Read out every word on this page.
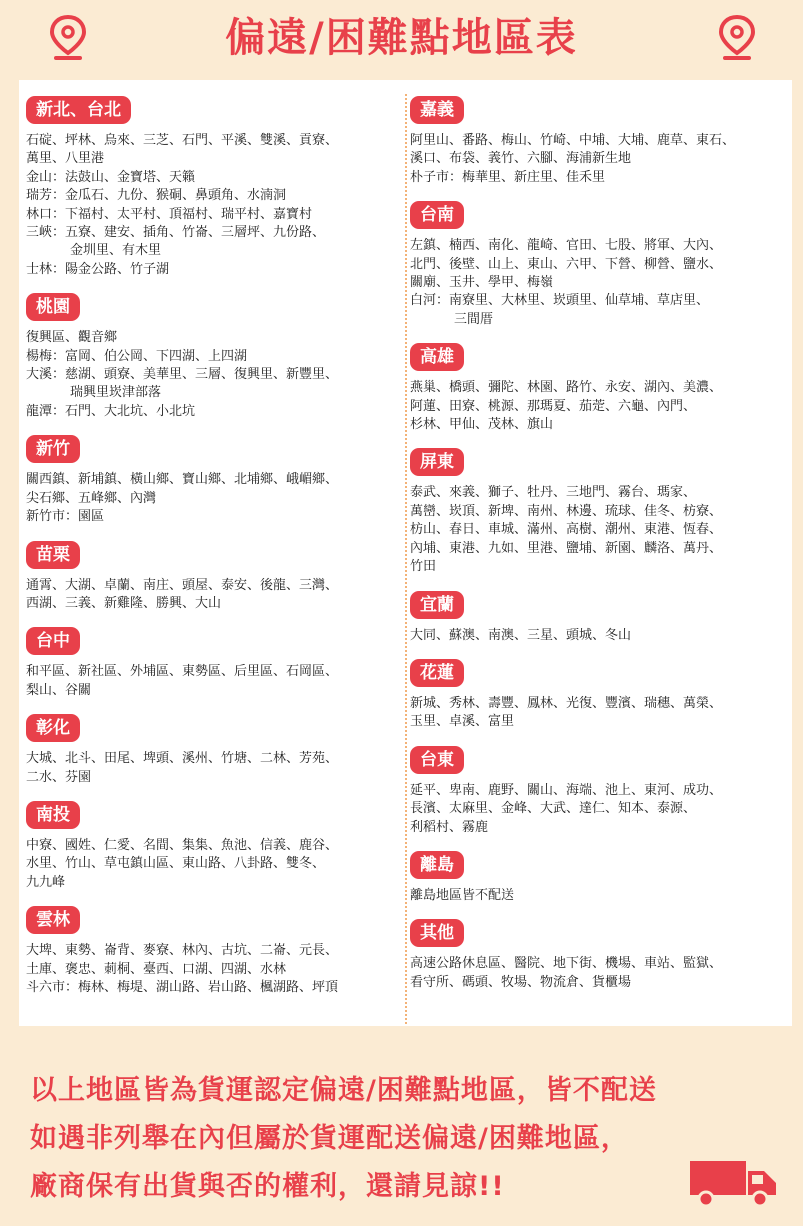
偏遠/困難點地區表
新北、台北
石碇、坪林、烏來、三芝、石門、平溪、雙溪、貢寮、
萬里、八里港
金山：法鼓山、金寶塔、天籟
瑞芳：金瓜石、九份、猴硐、鼻頭角、水湳洞
林口：下福村、太平村、頂福村、瑞平村、嘉寶村
三峽：五寮、建安、插角、竹崙、三層坪、九份路、
金圳里、有木里
士林：陽金公路、竹子湖
桃園
復興區、觀音鄉
楊梅：富岡、伯公岡、下四湖、上四湖
大溪：慈湖、頭寮、美華里、三層、復興里、新豐里、
瑞興里崁津部落
龍潭：石門、大北坑、小北坑
新竹
關西鎮、新埔鎮、橫山鄉、寶山鄉、北埔鄉、峨嵋鄉、
尖石鄉、五峰鄉、內灣
新竹市：園區
苗栗
通霄、大湖、卓蘭、南庄、頭屋、泰安、後龍、三灣、
西湖、三義、新雞隆、勝興、大山
台中
和平區、新社區、外埔區、東勢區、后里區、石岡區、
梨山、谷關
彰化
大城、北斗、田尾、埤頭、溪州、竹塘、二林、芳苑、
二水、芬園
南投
中寮、國姓、仁愛、名間、集集、魚池、信義、鹿谷、
水里、竹山、草屯鎮山區、東山路、八卦路、雙冬、
九九峰
雲林
大埤、東勢、崙背、麥寮、林內、古坑、二崙、元長、
土庫、褒忠、莿桐、臺西、口湖、四湖、水林
斗六市：梅林、梅堤、湖山路、岩山路、楓湖路、坪頂
嘉義
阿里山、番路、梅山、竹崎、中埔、大埔、鹿草、東石、
溪口、布袋、義竹、六腳、海浦新生地
朴子市：梅華里、新庄里、佳禾里
台南
左鎮、楠西、南化、龍崎、官田、七股、將軍、大內、
北門、後壁、山上、東山、六甲、下營、柳營、鹽水、
關廟、玉井、學甲、梅嶺
白河：南寮里、大林里、崁頭里、仙草埔、草店里、
三間厝
高雄
燕巢、橋頭、彌陀、林園、路竹、永安、湖內、美濃、
阿蓮、田寮、桃源、那瑪夏、茄萣、六龜、內門、
杉林、甲仙、茂林、旗山
屏東
泰武、來義、獅子、牡丹、三地門、霧台、瑪家、
萬巒、崁頂、新埤、南州、林邊、琉球、佳冬、枋寮、
枋山、春日、車城、滿州、高樹、潮州、東港、恆春、
內埔、東港、九如、里港、鹽埔、新園、麟洛、萬丹、
竹田
宜蘭
大同、蘇澳、南澳、三星、頭城、冬山
花蓮
新城、秀林、壽豐、鳳林、光復、豐濱、瑞穗、萬榮、
玉里、卓溪、富里
台東
延平、卑南、鹿野、關山、海端、池上、東河、成功、
長濱、太麻里、金峰、大武、達仁、知本、泰源、
利稻村、霧鹿
離島
離島地區皆不配送
其他
高速公路休息區、醫院、地下街、機場、車站、監獄、
看守所、碼頭、牧場、物流倉、貨櫃場
以上地區皆為貨運認定偏遠/困難點地區，皆不配送
如遇非列舉在內但屬於貨運配送偏遠/困難地區，
廠商保有出貨與否的權利，還請見諒!!
